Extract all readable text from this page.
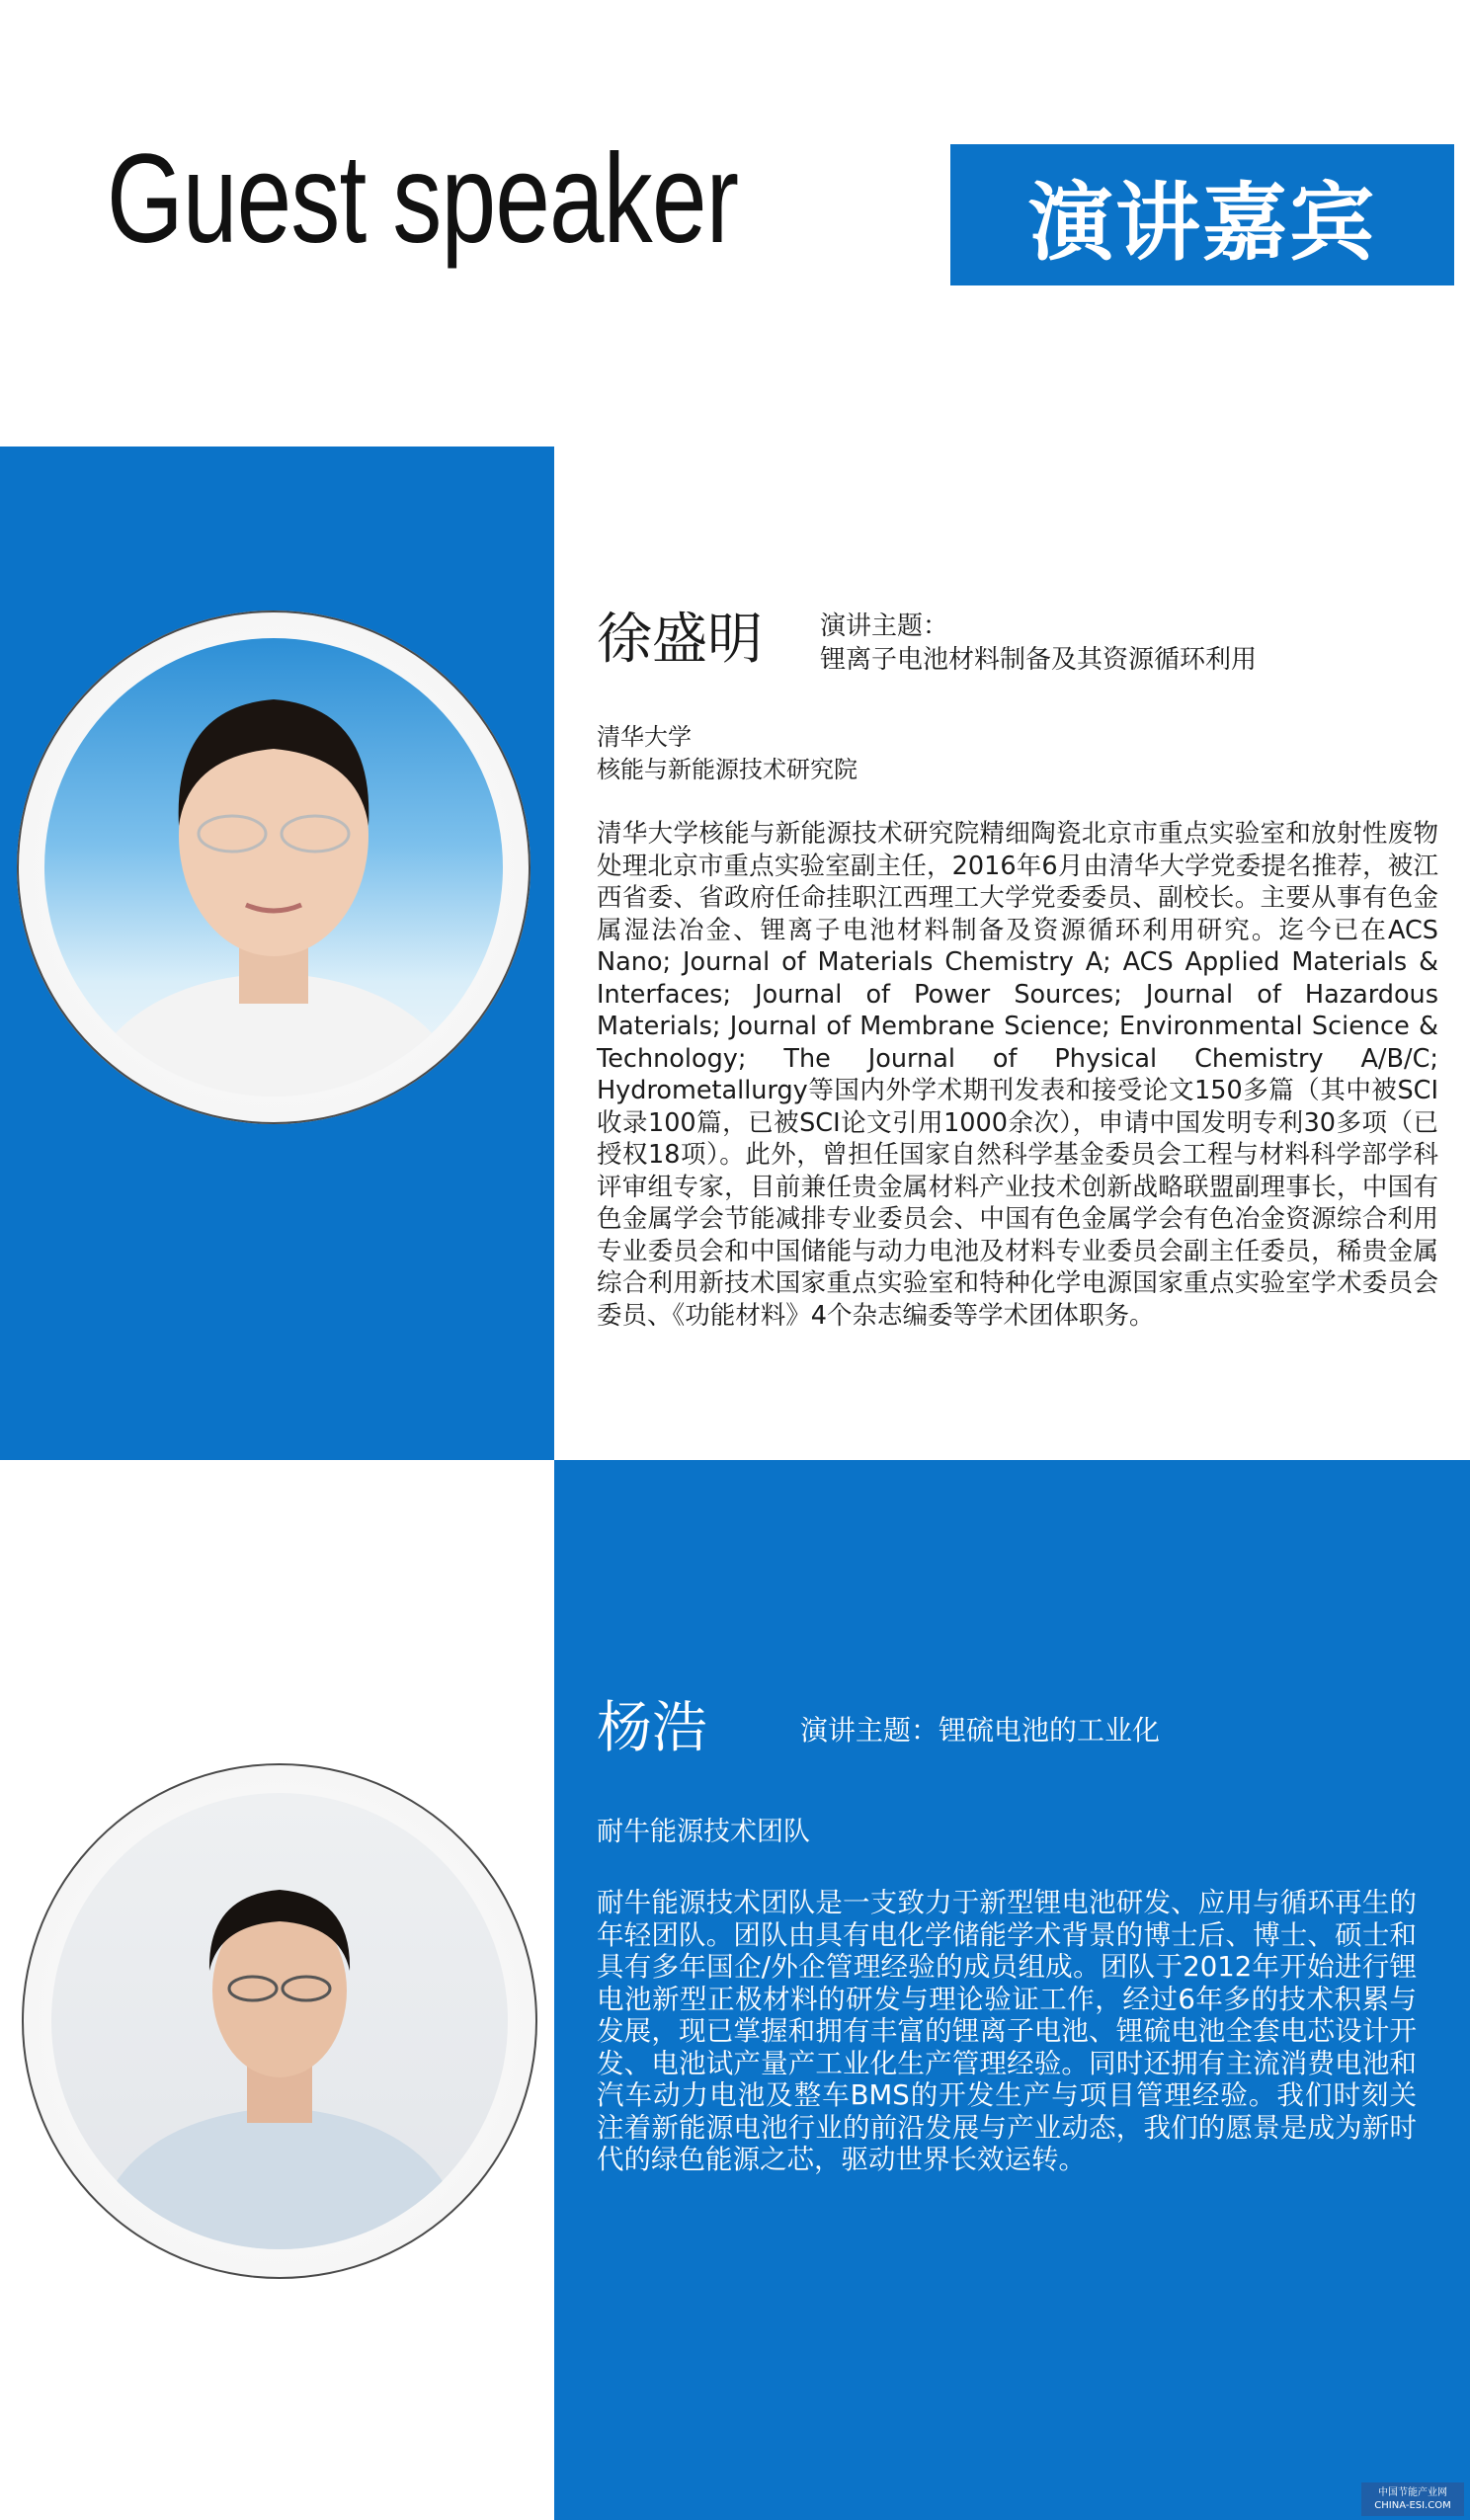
Guest speaker	演讲嘉宾
徐盛明 演讲主题：
锂离子电池材料制备及其资源循环利用
清华大学
核能与新能源技术研究院
清华大学核能与新能源技术研究院精细陶瓷北京市重点实验室和放射性废物处理北京市重点实验室副主任，2016年6月由清华大学党委提名推荐，被江西省委、省政府任命挂职江西理工大学党委委员、副校长。主要从事有色金属湿法冶金、锂离子电池材料制备及资源循环利用研究。迄今已在ACS Nano; Journal of Materials Chemistry A; ACS Applied Materials & Interfaces; Journal of Power Sources; Journal of Hazardous Materials; Journal of Membrane Science; Environmental Science & Technology; The Journal of Physical Chemistry A/B/C; Hydrometallurgy等国内外学术期刊发表和接受论文150多篇（其中被SCI收录100篇，已被SCI论文引用1000余次），申请中国发明专利30多项（已授权18项）。此外，曾担任国家自然科学基金委员会工程与材料科学部学科评审组专家，目前兼任贵金属材料产业技术创新战略联盟副理事长，中国有色金属学会节能减排专业委员会、中国有色金属学会有色冶金资源综合利用专业委员会和中国储能与动力电池及材料专业委员会副主任委员，稀贵金属综合利用新技术国家重点实验室和特种化学电源国家重点实验室学术委员会委员、《功能材料》4个杂志编委等学术团体职务。
杨浩	演讲主题：锂硫电池的工业化
耐牛能源技术团队
耐牛能源技术团队是一支致力于新型锂电池研发、应用与循环再生的年轻团队。团队由具有电化学储能学术背景的博士后、博士、硕士和具有多年国企/外企管理经验的成员组成。团队于2012年开始进行锂电池新型正极材料的研发与理论验证工作，经过6年多的技术积累与发展，现已掌握和拥有丰富的锂离子电池、锂硫电池全套电芯设计开发、电池试产量产工业化生产管理经验。同时还拥有主流消费电池和汽车动力电池及整车BMS的开发生产与项目管理经验。我们时刻关注着新能源电池行业的前沿发展与产业动态，我们的愿景是成为新时代的绿色能源之芯，驱动世界长效运转。
中国节能产业网
CHINA-ESI.COM
